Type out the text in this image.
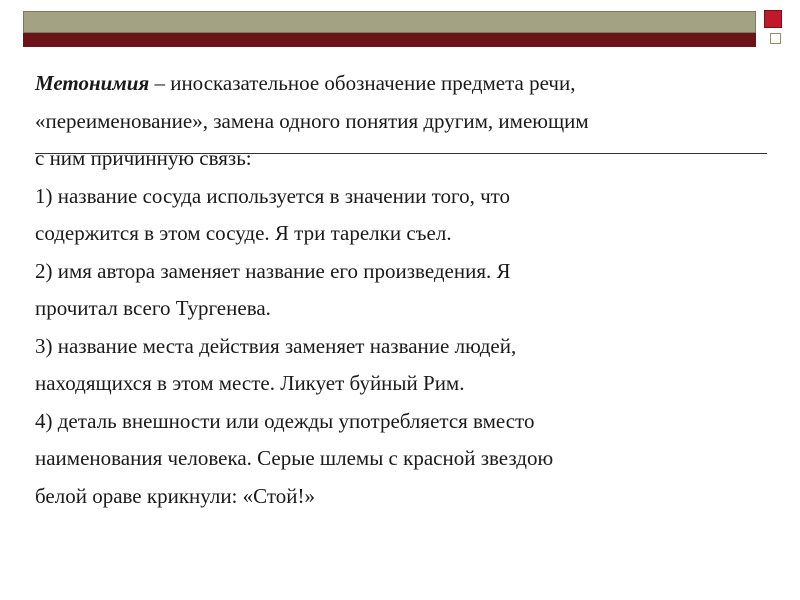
Метонимия – иносказательное обозначение предмета речи,
«переименование», замена одного понятия другим, имеющим
с ним причинную связь:
1) название сосуда используется в значении того, что
содержится в этом сосуде. Я три тарелки съел.
2) имя автора заменяет название его произведения. Я
прочитал всего Тургенева.
3) название места действия заменяет название людей,
находящихся в этом месте. Ликует буйный Рим.
4) деталь внешности или одежды употребляется вместо
наименования человека. Серые шлемы с красной звездою
белой ораве крикнули: «Стой!»
